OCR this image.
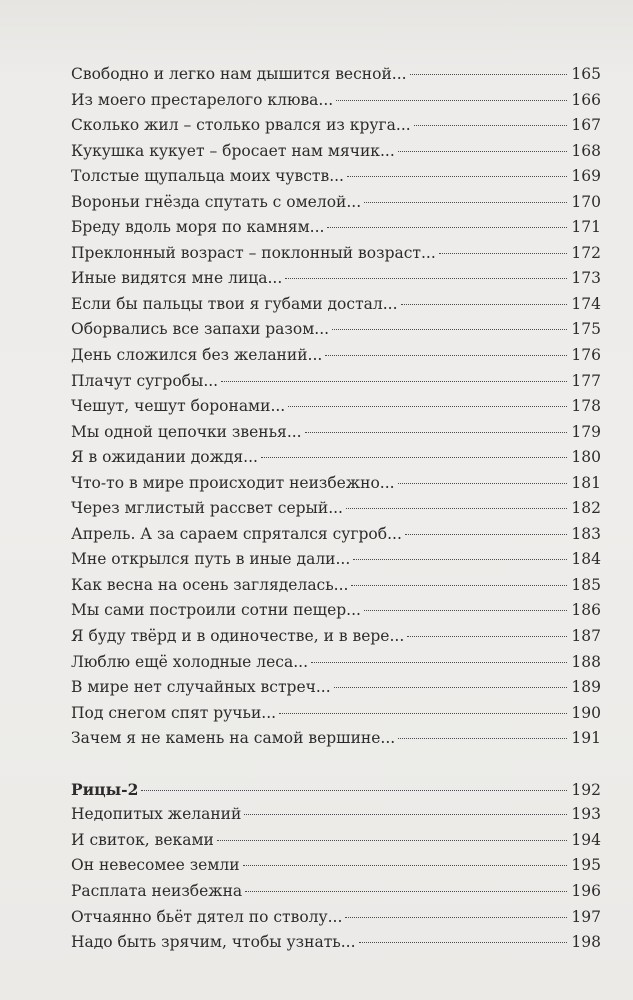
Свободно и легко нам дышится весной...	165
Из моего престарелого клюва...	166
Сколько жил – столько рвался из круга...	167
Кукушка кукует – бросает нам мячик...	168
Толстые щупальца моих чувств...	169
Вороньи гнёзда спутать с омелой...	170
Бреду вдоль моря по камням...	171
Преклонный возраст – поклонный возраст...	172
Иные видятся мне лица...	173
Если бы пальцы твои я губами достал...	174
Оборвались все запахи разом...	175
День сложился без желаний...	176
Плачут сугробы...	177
Чешут, чешут боронами...	178
Мы одной цепочки звенья...	179
Я в ожидании дождя...	180
Что-то в мире происходит неизбежно...	181
Через мглистый рассвет серый...	182
Апрель. А за сараем спрятался сугроб...	183
Мне открылся путь в иные дали...	184
Как весна на осень загляделась...	185
Мы сами построили сотни пещер...	186
Я буду твёрд и в одиночестве, и в вере...	187
Люблю ещё холодные леса...	188
В мире нет случайных встреч...	189
Под снегом спят ручьи...	190
Зачем я не камень на самой вершине...	191
Рицы-2	192
Недопитых желаний	193
И свиток, веками	194
Он невесомее земли	195
Расплата неизбежна	196
Отчаянно бьёт дятел по стволу...	197
Надо быть зрячим, чтобы узнать...	198
